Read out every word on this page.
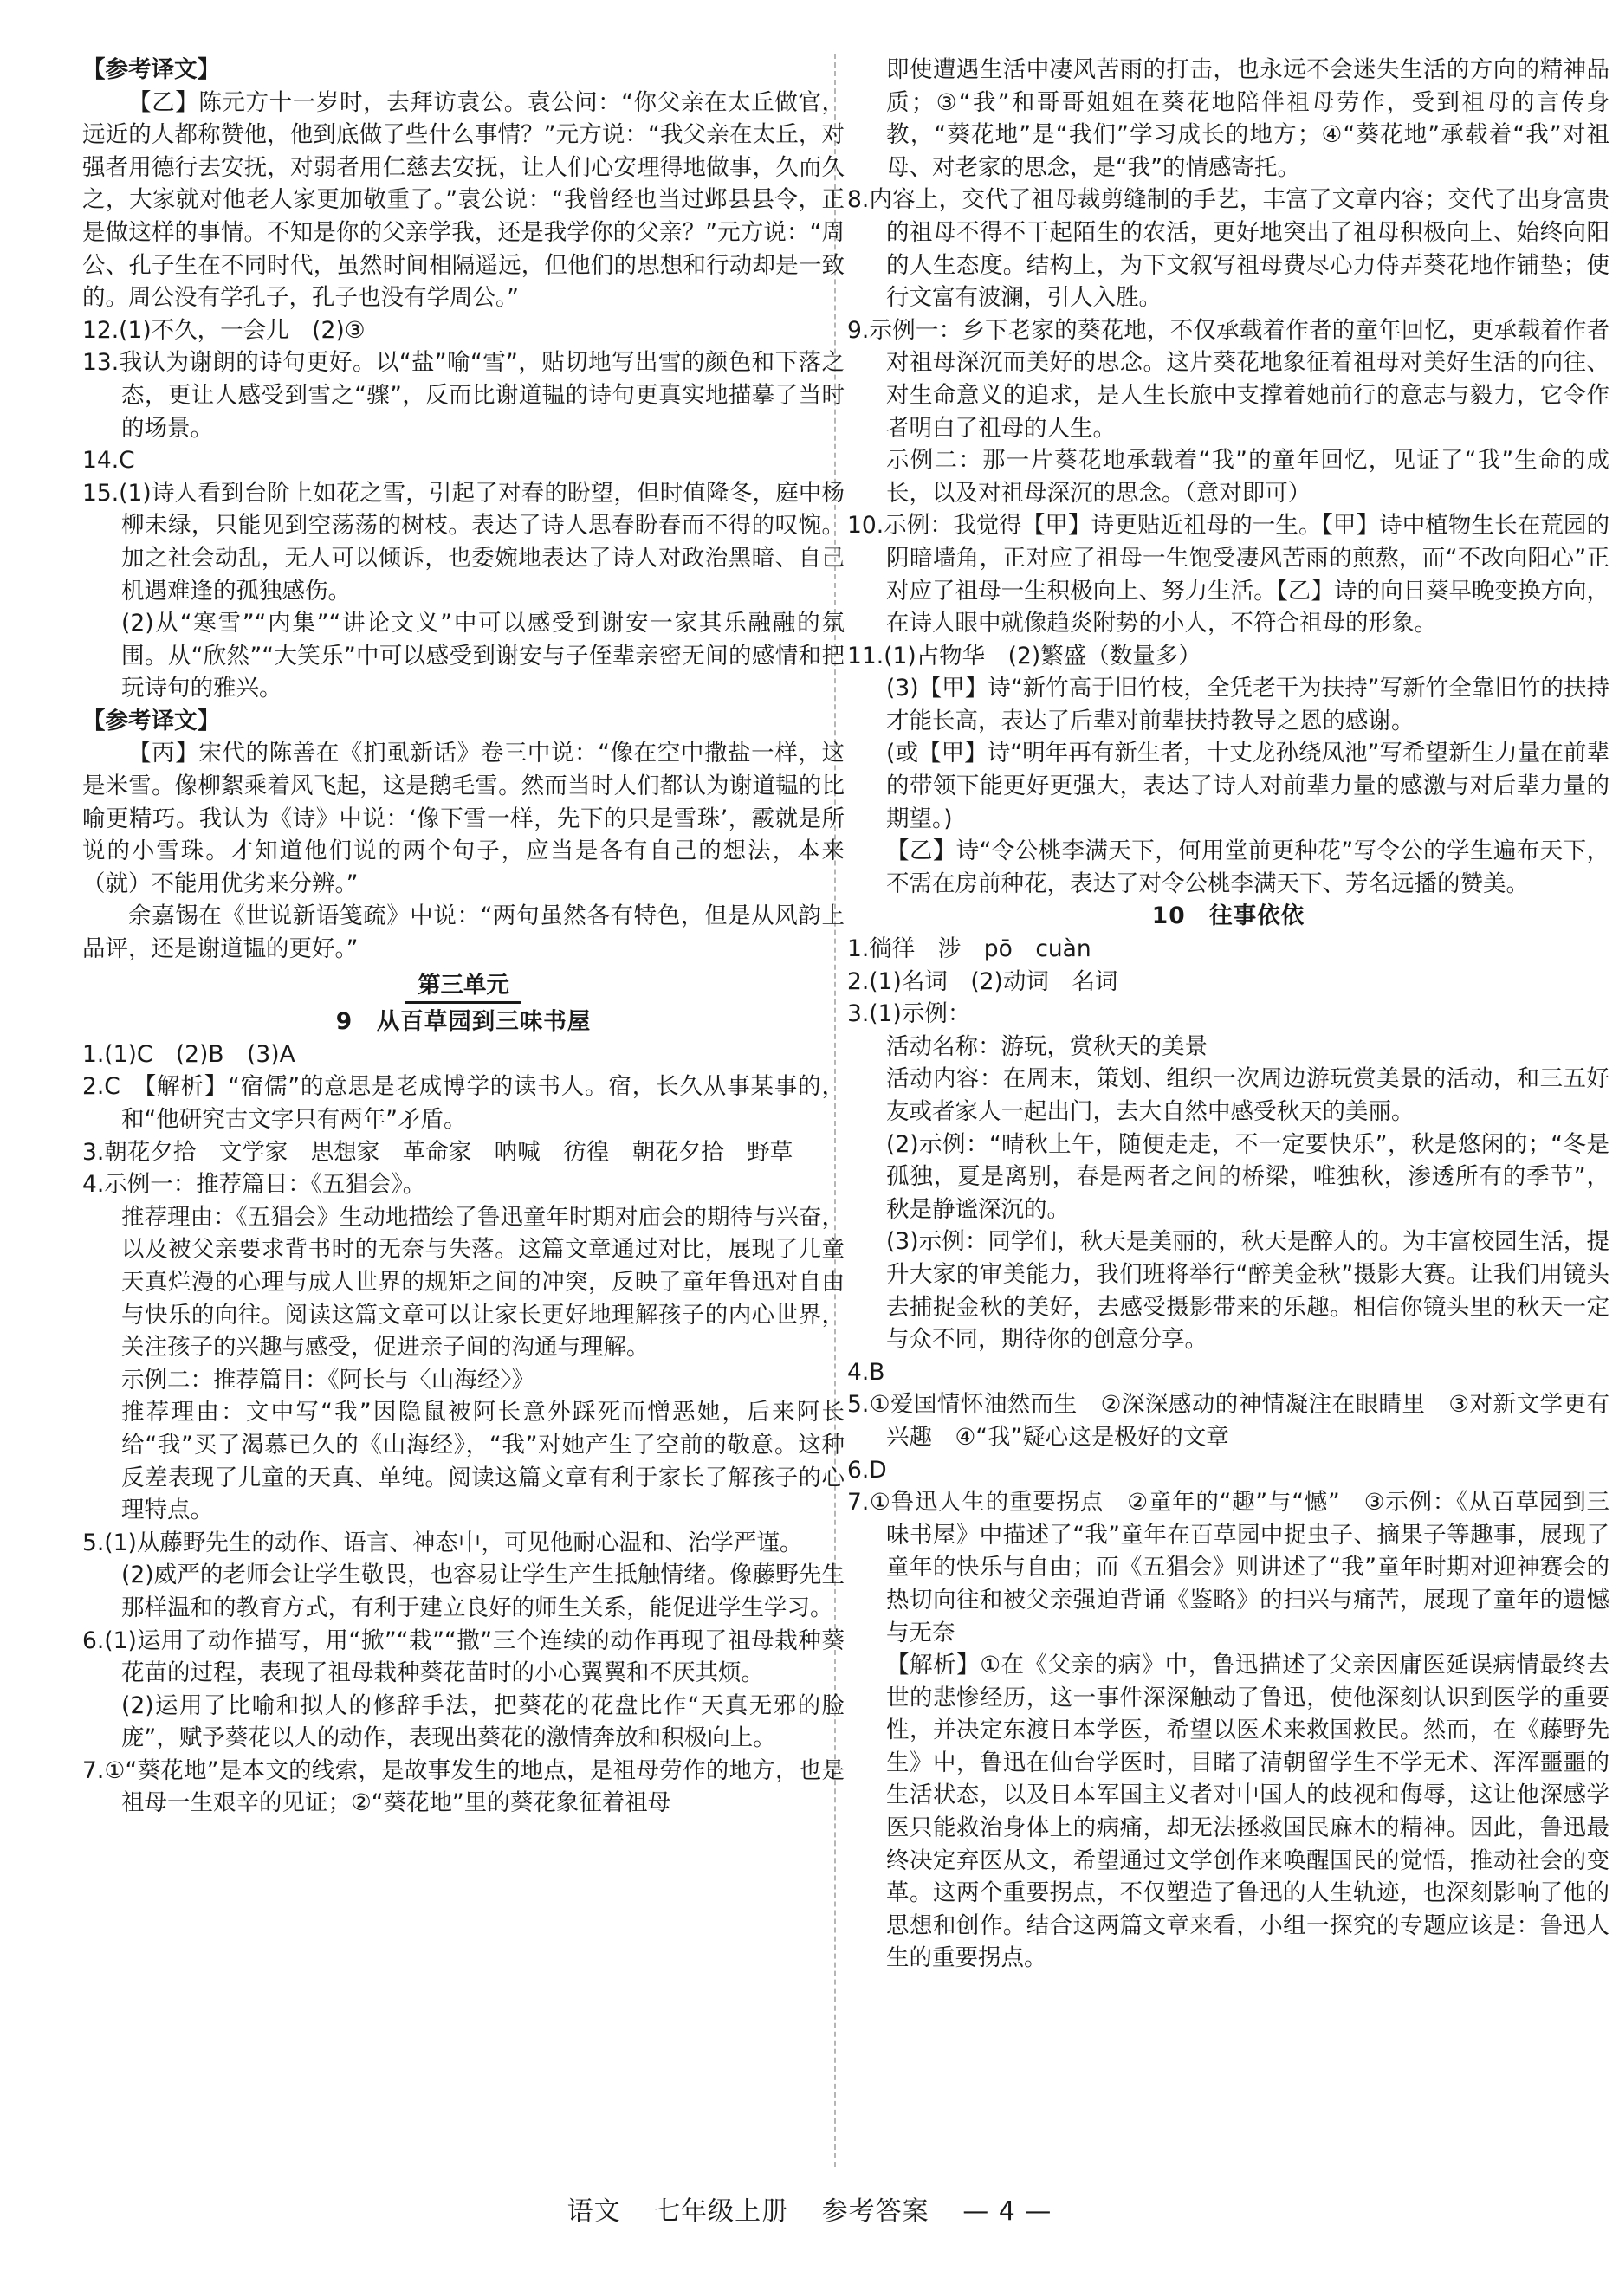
【参考译文】

【乙】陈元方十一岁时，去拜访袁公。袁公问：“你父亲在太丘做官，远近的人都称赞他，他到底做了些什么事情？”元方说：“我父亲在太丘，对强者用德行去安抚，对弱者用仁慈去安抚，让人们心安理得地做事，久而久之，大家就对他老人家更加敬重了。”袁公说：“我曾经也当过邺县县令，正是做这样的事情。不知是你的父亲学我，还是我学你的父亲？”元方说：“周公、孔子生在不同时代，虽然时间相隔遥远，但他们的思想和行动却是一致的。周公没有学孔子，孔子也没有学周公。”

12.(1)不久，一会儿　(2)③

13.我认为谢朗的诗句更好。以“盐”喻“雪”，贴切地写出雪的颜色和下落之态，更让人感受到雪之“骤”，反而比谢道韫的诗句更真实地描摹了当时的场景。

14.C

15.(1)诗人看到台阶上如花之雪，引起了对春的盼望，但时值隆冬，庭中杨柳未绿，只能见到空荡荡的树枝。表达了诗人思春盼春而不得的叹惋。加之社会动乱，无人可以倾诉，也委婉地表达了诗人对政治黑暗、自己机遇难逢的孤独感伤。

(2)从“寒雪”“内集”“讲论文义”中可以感受到谢安一家其乐融融的氛围。从“欣然”“大笑乐”中可以感受到谢安与子侄辈亲密无间的感情和把玩诗句的雅兴。

【参考译文】

【丙】宋代的陈善在《扪虱新话》卷三中说：“像在空中撒盐一样，这是米雪。像柳絮乘着风飞起，这是鹅毛雪。然而当时人们都认为谢道韫的比喻更精巧。我认为《诗》中说：‘像下雪一样，先下的只是雪珠’，霰就是所说的小雪珠。才知道他们说的两个句子，应当是各有自己的想法，本来（就）不能用优劣来分辨。”

余嘉锡在《世说新语笺疏》中说：“两句虽然各有特色，但是从风韵上品评，还是谢道韫的更好。”

第三单元

9　从百草园到三味书屋

1.(1)C　(2)B　(3)A

2.C　【解析】“宿儒”的意思是老成博学的读书人。宿，长久从事某事的，和“他研究古文字只有两年”矛盾。

3.朝花夕拾　文学家　思想家　革命家　呐喊　彷徨　朝花夕拾　野草

4.示例一：推荐篇目：《五猖会》。

推荐理由：《五猖会》生动地描绘了鲁迅童年时期对庙会的期待与兴奋，以及被父亲要求背书时的无奈与失落。这篇文章通过对比，展现了儿童天真烂漫的心理与成人世界的规矩之间的冲突，反映了童年鲁迅对自由与快乐的向往。阅读这篇文章可以让家长更好地理解孩子的内心世界，关注孩子的兴趣与感受，促进亲子间的沟通与理解。

示例二：推荐篇目：《阿长与〈山海经〉》

推荐理由：文中写“我”因隐鼠被阿长意外踩死而憎恶她，后来阿长给“我”买了渴慕已久的《山海经》，“我”对她产生了空前的敬意。这种反差表现了儿童的天真、单纯。阅读这篇文章有利于家长了解孩子的心理特点。

5.(1)从藤野先生的动作、语言、神态中，可见他耐心温和、治学严谨。

(2)威严的老师会让学生敬畏，也容易让学生产生抵触情绪。像藤野先生那样温和的教育方式，有利于建立良好的师生关系，能促进学生学习。

6.(1)运用了动作描写，用“掀”“栽”“撒”三个连续的动作再现了祖母栽种葵花苗的过程，表现了祖母栽种葵花苗时的小心翼翼和不厌其烦。

(2)运用了比喻和拟人的修辞手法，把葵花的花盘比作“天真无邪的脸庞”，赋予葵花以人的动作，表现出葵花的激情奔放和积极向上。

7.①“葵花地”是本文的线索，是故事发生的地点，是祖母劳作的地方，也是祖母一生艰辛的见证；②“葵花地”里的葵花象征着祖母

即使遭遇生活中凄风苦雨的打击，也永远不会迷失生活的方向的精神品质；③“我”和哥哥姐姐在葵花地陪伴祖母劳作，受到祖母的言传身教，“葵花地”是“我们”学习成长的地方；④“葵花地”承载着“我”对祖母、对老家的思念，是“我”的情感寄托。

8.内容上，交代了祖母裁剪缝制的手艺，丰富了文章内容；交代了出身富贵的祖母不得不干起陌生的农活，更好地突出了祖母积极向上、始终向阳的人生态度。结构上，为下文叙写祖母费尽心力侍弄葵花地作铺垫；使行文富有波澜，引人入胜。

9.示例一：乡下老家的葵花地，不仅承载着作者的童年回忆，更承载着作者对祖母深沉而美好的思念。这片葵花地象征着祖母对美好生活的向往、对生命意义的追求，是人生长旅中支撑着她前行的意志与毅力，它令作者明白了祖母的人生。

示例二：那一片葵花地承载着“我”的童年回忆，见证了“我”生命的成长，以及对祖母深沉的思念。（意对即可）

10.示例：我觉得【甲】诗更贴近祖母的一生。【甲】诗中植物生长在荒园的阴暗墙角，正对应了祖母一生饱受凄风苦雨的煎熬，而“不改向阳心”正对应了祖母一生积极向上、努力生活。【乙】诗的向日葵早晚变换方向，在诗人眼中就像趋炎附势的小人，不符合祖母的形象。

11.(1)占物华　(2)繁盛（数量多）

(3)【甲】诗“新竹高于旧竹枝，全凭老干为扶持”写新竹全靠旧竹的扶持才能长高，表达了后辈对前辈扶持教导之恩的感谢。

(或【甲】诗“明年再有新生者，十丈龙孙绕凤池”写希望新生力量在前辈的带领下能更好更强大，表达了诗人对前辈力量的感激与对后辈力量的期望。)

【乙】诗“令公桃李满天下，何用堂前更种花”写令公的学生遍布天下，不需在房前种花，表达了对令公桃李满天下、芳名远播的赞美。

10　往事依依

1.徜徉　涉　pō　cuàn

2.(1)名词　(2)动词　名词

3.(1)示例：

活动名称：游玩，赏秋天的美景

活动内容：在周末，策划、组织一次周边游玩赏美景的活动，和三五好友或者家人一起出门，去大自然中感受秋天的美丽。

(2)示例：“晴秋上午，随便走走，不一定要快乐”，秋是悠闲的；“冬是孤独，夏是离别，春是两者之间的桥梁，唯独秋，渗透所有的季节”，秋是静谧深沉的。

(3)示例：同学们，秋天是美丽的，秋天是醉人的。为丰富校园生活，提升大家的审美能力，我们班将举行“醉美金秋”摄影大赛。让我们用镜头去捕捉金秋的美好，去感受摄影带来的乐趣。相信你镜头里的秋天一定与众不同，期待你的创意分享。

4.B

5.①爱国情怀油然而生　②深深感动的神情凝注在眼睛里　③对新文学更有兴趣　④“我”疑心这是极好的文章

6.D

7.①鲁迅人生的重要拐点　②童年的“趣”与“憾”　③示例：《从百草园到三味书屋》中描述了“我”童年在百草园中捉虫子、摘果子等趣事，展现了童年的快乐与自由；而《五猖会》则讲述了“我”童年时期对迎神赛会的热切向往和被父亲强迫背诵《鉴略》的扫兴与痛苦，展现了童年的遗憾与无奈

【解析】①在《父亲的病》中，鲁迅描述了父亲因庸医延误病情最终去世的悲惨经历，这一事件深深触动了鲁迅，使他深刻认识到医学的重要性，并决定东渡日本学医，希望以医术来救国救民。然而，在《藤野先生》中，鲁迅在仙台学医时，目睹了清朝留学生不学无术、浑浑噩噩的生活状态，以及日本军国主义者对中国人的歧视和侮辱，这让他深感学医只能救治身体上的病痛，却无法拯救国民麻木的精神。因此，鲁迅最终决定弃医从文，希望通过文学创作来唤醒国民的觉悟，推动社会的变革。这两个重要拐点，不仅塑造了鲁迅的人生轨迹，也深刻影响了他的思想和创作。结合这两篇文章来看，小组一探究的专题应该是：鲁迅人生的重要拐点。

语文 七年级上册 参考答案 — 4 —
